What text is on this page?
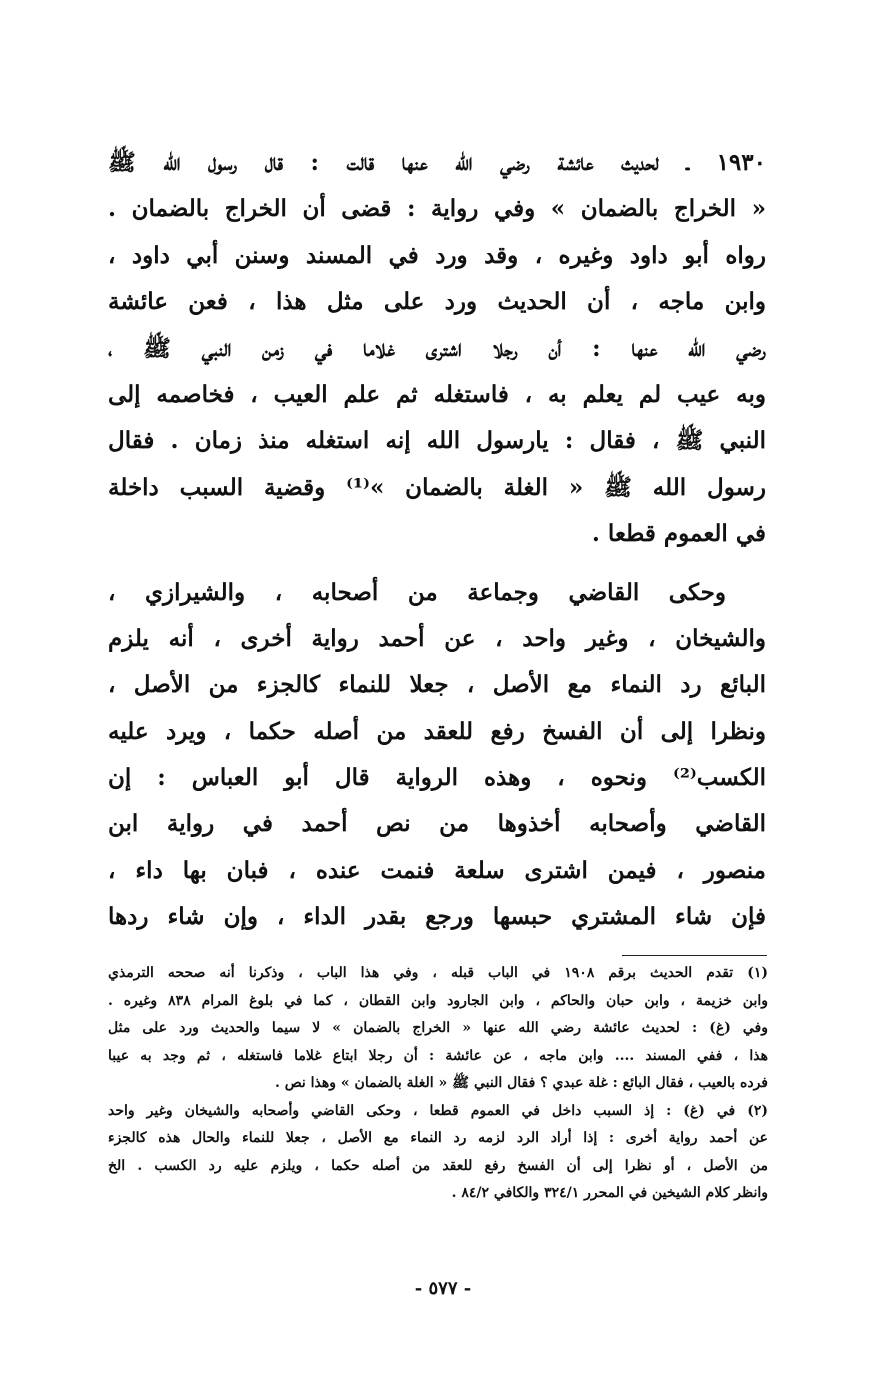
١٩٣٠ ـ لحديث عائشة رضي الله عنها قالت : قال رسول الله ﷺ
« الخراج بالضمان » وفي رواية : قضى أن الخراج بالضمان .
رواه أبو داود وغيره ، وقد ورد في المسند وسنن أبي داود ،
وابن ماجه ، أن الحديث ورد على مثل هذا ، فعن عائشة
رضي الله عنها : أن رجلا اشترى غلاما في زمن النبي ﷺ ،
وبه عيب لم يعلم به ، فاستغله ثم علم العيب ، فخاصمه إلى
النبي ﷺ ، فقال : يارسول الله إنه استغله منذ زمان . فقال
رسول الله ﷺ « الغلة بالضمان »⁽¹⁾ وقضية السبب داخلة
في العموم قطعا .
وحكى القاضي وجماعة من أصحابه ، والشيرازي ،
والشيخان ، وغير واحد ، عن أحمد رواية أخرى ، أنه يلزم
البائع رد النماء مع الأصل ، جعلا للنماء كالجزء من الأصل ،
ونظرا إلى أن الفسخ رفع للعقد من أصله حكما ، ويرد عليه
الكسب⁽²⁾ ونحوه ، وهذه الرواية قال أبو العباس : إن
القاضي وأصحابه أخذوها من نص أحمد في رواية ابن
منصور ، فيمن اشترى سلعة فنمت عنده ، فبان بها داء ،
فإن شاء المشتري حبسها ورجع بقدر الداء ، وإن شاء ردها
(١) تقدم الحديث برقم ١٩٠٨ في الباب قبله ، وفي هذا الباب ، وذكرنا أنه صححه الترمذي
وابن خزيمة ، وابن حبان والحاكم ، وابن الجارود وابن القطان ، كما في بلوغ المرام ٨٣٨ وغيره .
وفي (غ) : لحديث عائشة رضي الله عنها « الخراج بالضمان » لا سيما والحديث ورد على مثل
هذا ، ففي المسند .... وابن ماجه ، عن عائشة : أن رجلا ابتاع غلاما فاستغله ، ثم وجد به عيبا
فرده بالعيب ، فقال البائع : غلة عبدي ؟ فقال النبي ﷺ « الغلة بالضمان » وهذا نص .
(٢) في (غ) : إذ السبب داخل في العموم قطعا ، وحكى القاضي وأصحابه والشيخان وغير واحد
عن أحمد رواية أخرى : إذا أراد الرد لزمه رد النماء مع الأصل ، جعلا للنماء والحال هذه كالجزء
من الأصل ، أو نظرا إلى أن الفسخ رفع للعقد من أصله حكما ، ويلزم عليه رد الكسب . الخ
وانظر كلام الشيخين في المحرر ٣٢٤/١ والكافي ٨٤/٢ .
- ٥٧٧ -
